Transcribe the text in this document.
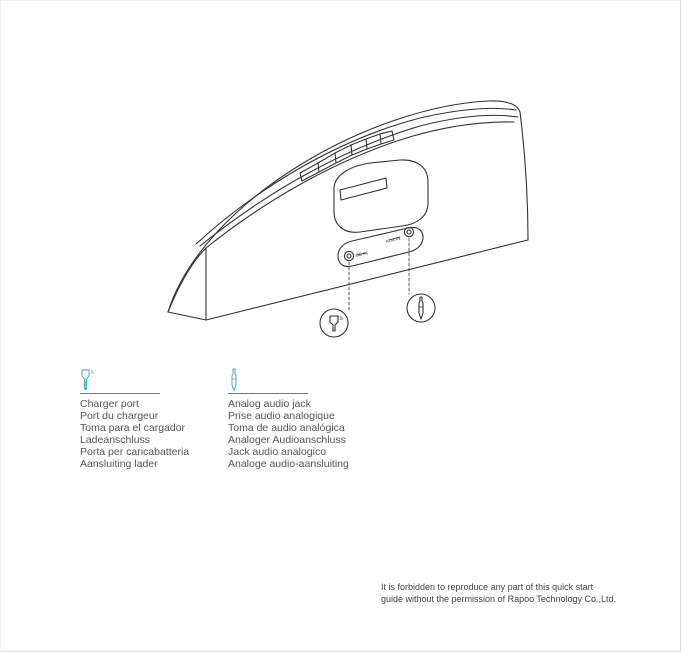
Charger port
Port du chargeur
Toma para el cargador
Ladeanschluss
Porta per caricabatteria
Aansluiting lader
Analog audio jack
Prise audio analogique
Toma de audio analógica
Analoger Audioanschluss
Jack audio analogico
Analoge audio-aansluiting

It is forbidden to reproduce any part of this quick start
guide without the permission of Rapoo Technology Co.,Ltd.

DC IN
AUX IN
